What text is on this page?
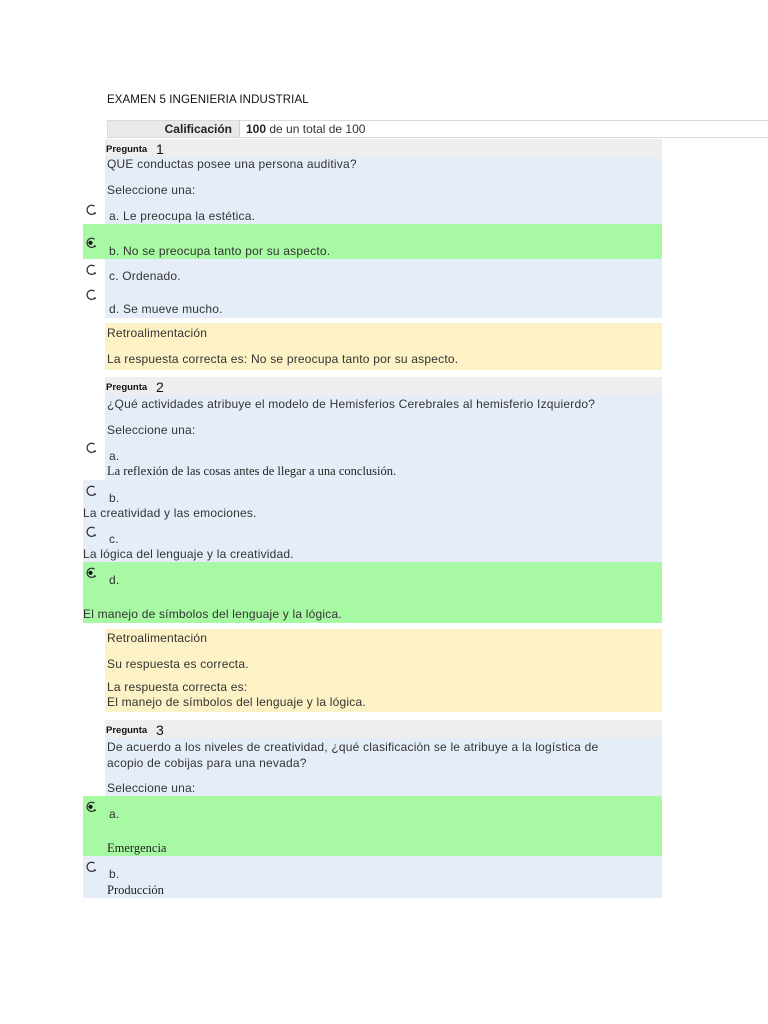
EXAMEN 5 INGENIERIA INDUSTRIAL
Calificación	100 de un total de 100
Pregunta 1
QUE conductas posee una persona auditiva?
Seleccione una:
a. Le preocupa la estética.
b. No se preocupa tanto por su aspecto.
c. Ordenado.
d. Se mueve mucho.
Retroalimentación
La respuesta correcta es: No se preocupa tanto por su aspecto.
Pregunta 2
¿Qué actividades atribuye el modelo de Hemisferios Cerebrales al hemisferio Izquierdo?
Seleccione una:
a.
La reflexión de las cosas antes de llegar a una conclusión.
b.
La creatividad y las emociones.
c.
La lógica del lenguaje y la creatividad.
d.
El manejo de símbolos del lenguaje y la lógica.
Retroalimentación
Su respuesta es correcta.
La respuesta correcta es:
El manejo de símbolos del lenguaje y la lógica.
Pregunta 3
De acuerdo a los niveles de creatividad, ¿qué clasificación se le atribuye a la logística de
acopio de cobijas para una nevada?
Seleccione una:
a.
Emergencia
b.
Producción
